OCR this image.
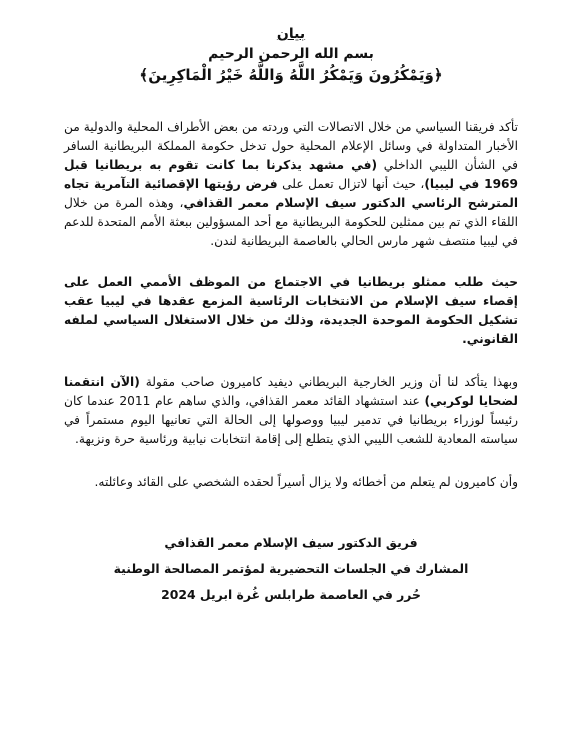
بيان
بسم الله الرحمن الرحيم
﴿وَيَمْكُرُونَ وَيَمْكُرُ اللَّهُ وَاللَّهُ خَيْرُ الْمَاكِرِينَ﴾

تأكد فريقنا السياسي من خلال الاتصالات التي وردته من بعض الأطراف المحلية والدولية من الأخبار المتداولة في وسائل الإعلام المحلية حول تدخل حكومة المملكة البريطانية السافر في الشأن الليبي الداخلي (في مشهد يذكرنا بما كانت تقوم به بريطانيا قبل 1969 في ليبيا)، حيث أنها لاتزال تعمل على فرض رؤيتها الإقصائية التآمرية تجاه المترشح الرئاسي الدكتور سيف الإسلام معمر القذافي، وهذه المرة من خلال اللقاء الذي تم بين ممثلين للحكومة البريطانية مع أحد المسؤولين ببعثة الأمم المتحدة للدعم في ليبيا منتصف شهر مارس الحالي بالعاصمة البريطانية لندن.

حيث طلب ممثلو بريطانيا في الاجتماع من الموظف الأممي العمل على إقصاء سيف الإسلام من الانتخابات الرئاسية المزمع عقدها في ليبيا عقب تشكيل الحكومة الموحدة الجديدة، وذلك من خلال الاستغلال السياسي لملفه القانوني.

وبهذا يتأكد لنا أن وزير الخارجية البريطاني ديفيد كاميرون صاحب مقولة (الآن انتقمنا لضحايا لوكربي) عند استشهاد القائد معمر القذافي، والذي ساهم عام 2011 عندما كان رئيساً لوزراء بريطانيا في تدمير ليبيا ووصولها إلى الحالة التي تعانيها اليوم مستمراً في سياسته المعادية للشعب الليبي الذي يتطلع إلى إقامة انتخابات نيابية ورئاسية حرة ونزيهة.

وأن كاميرون لم يتعلم من أخطائه ولا يزال أسيراً لحقده الشخصي على القائد وعائلته.

فريق الدكتور سيف الإسلام معمر القذافي
المشارك في الجلسات التحضيرية لمؤتمر المصالحة الوطنية
حُرر في العاصمة طرابلس غُرة ابريل 2024
